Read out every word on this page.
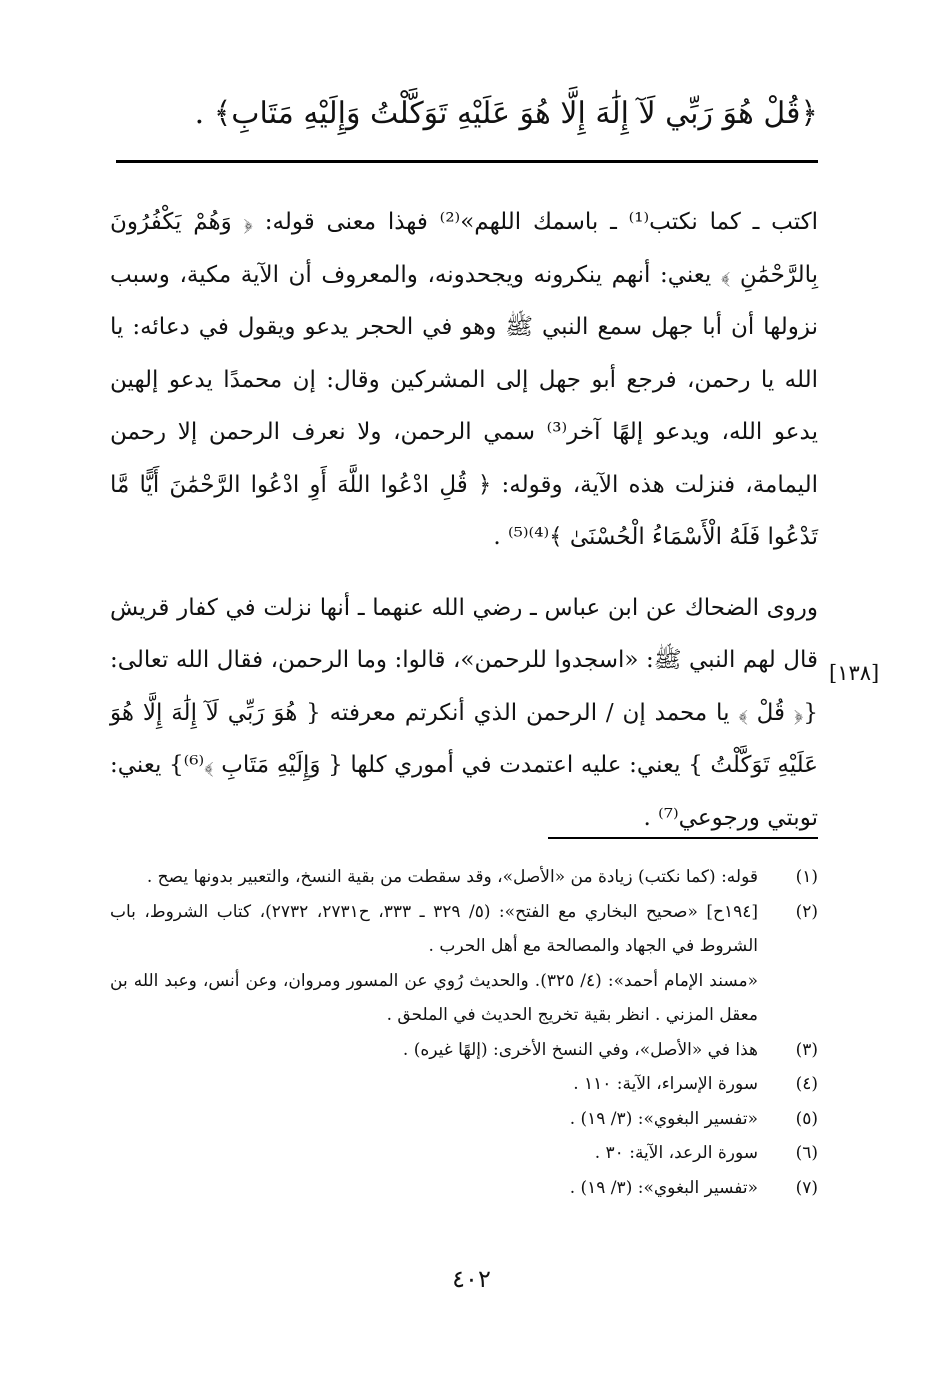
﴿قُلْ هُوَ رَبِّي لَآ إِلَٰهَ إِلَّا هُوَ عَلَيْهِ تَوَكَّلْتُ وَإِلَيْهِ مَتَابِ﴾ .

اكتب ـ كما نكتب⁽¹⁾ ـ باسمك اللهم»⁽²⁾ فهذا معنى قوله: ﴿ وَهُمْ يَكْفُرُونَ بِالرَّحْمَٰنِ ﴾ يعني: أنهم ينكرونه ويجحدونه، والمعروف أن الآية مكية، وسبب نزولها أن أبا جهل سمع النبي ﷺ وهو في الحجر يدعو ويقول في دعائه: يا الله يا رحمن، فرجع أبو جهل إلى المشركين وقال: إن محمدًا يدعو إلهين يدعو الله، ويدعو إلهًا آخر⁽³⁾ سمي الرحمن، ولا نعرف الرحمن إلا رحمن اليمامة، فنزلت هذه الآية، وقوله: ﴿ قُلِ ادْعُوا اللَّهَ أَوِ ادْعُوا الرَّحْمَٰنَ أَيًّا مَّا تَدْعُوا فَلَهُ الْأَسْمَاءُ الْحُسْنَىٰ ﴾⁽⁴⁾⁽⁵⁾ .

وروى الضحاك عن ابن عباس ـ رضي الله عنهما ـ أنها نزلت في كفار قريش قال لهم النبي ﷺ: «اسجدوا للرحمن»، قالوا: وما الرحمن، فقال الله تعالى: {﴿ قُلْ ﴾ يا محمد إن / الرحمن الذي أنكرتم معرفته { هُوَ رَبِّي لَآ إِلَٰهَ إِلَّا هُوَ عَلَيْهِ تَوَكَّلْتُ } يعني: عليه اعتمدت في أموري كلها { وَإِلَيْهِ مَتَابِ ﴾⁽⁶⁾} يعني: توبتي ورجوعي⁽⁷⁾ .

[١٣٨]
(١)
قوله: (كما نكتب) زيادة من «الأصل»، وقد سقطت من بقية النسخ، والتعبير بدونها يصح .
(٢)
[١٩٤ح] «صحيح البخاري مع الفتح»: (٥/ ٣٢٩ ـ ٣٣٣، ح٢٧٣١، ٢٧٣٢)، كتاب الشروط، باب الشروط في الجهاد والمصالحة مع أهل الحرب .
«مسند الإمام أحمد»: (٤/ ٣٢٥). والحديث رُوي عن المسور ومروان، وعن أنس، وعبد الله بن معقل المزني . انظر بقية تخريج الحديث في الملحق .
(٣)
هذا في «الأصل»، وفي النسخ الأخرى: (إلهًا غيره) .
(٤)
سورة الإسراء، الآية: ١١٠ .
(٥)
«تفسير البغوي»: (٣/ ١٩) .
(٦)
سورة الرعد، الآية: ٣٠ .
(٧)
«تفسير البغوي»: (٣/ ١٩) .
٤٠٢
